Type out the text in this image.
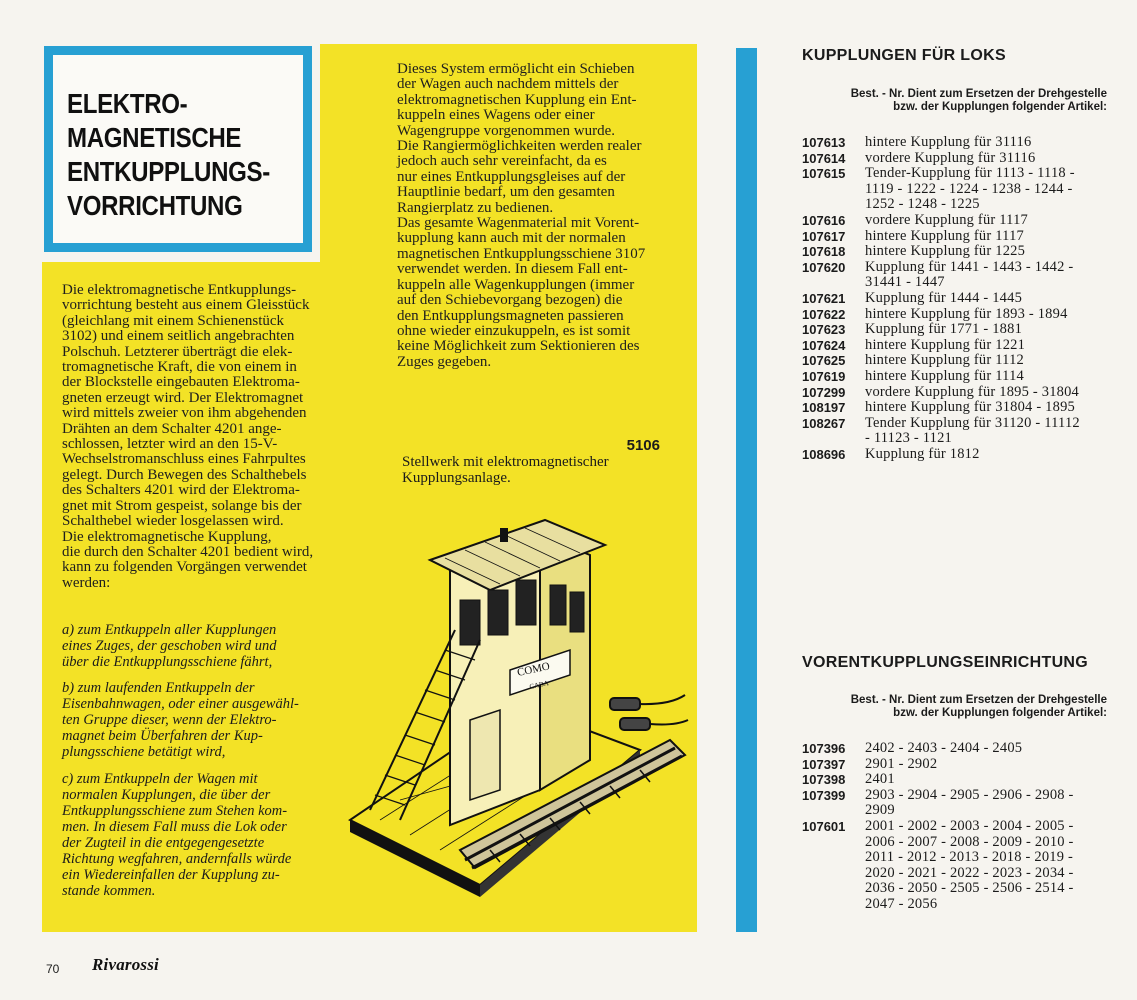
ELEKTRO-
MAGNETISCHE
ENTKUPPLUNGS-
VORRICHTUNG

Die elektromagnetische Entkupplungs-
vorrichtung besteht aus einem Gleisstück
(gleichlang mit einem Schienenstück
3102) und einem seitlich angebrachten
Polschuh. Letzterer überträgt die elek-
tromagnetische Kraft, die von einem in
der Blockstelle eingebauten Elektroma-
gneten erzeugt wird. Der Elektromagnet
wird mittels zweier von ihm abgehenden
Drähten an dem Schalter 4201 ange-
schlossen, letzter wird an den 15-V-
Wechselstromanschluss eines Fahrpultes
gelegt. Durch Bewegen des Schalthebels
des Schalters 4201 wird der Elektroma-
gnet mit Strom gespeist, solange bis der
Schalthebel wieder losgelassen wird.
Die elektromagnetische Kupplung,
die durch den Schalter 4201 bedient wird,
kann zu folgenden Vorgängen verwendet
werden:

a) zum Entkuppeln aller Kupplungen
eines Zuges, der geschoben wird und
über die Entkupplungsschiene fährt,

b) zum laufenden Entkuppeln der
Eisenbahnwagen, oder einer ausgewähl-
ten Gruppe dieser, wenn der Elektro-
magnet beim Überfahren der Kup-
plungsschiene betätigt wird,

c) zum Entkuppeln der Wagen mit
normalen Kupplungen, die über der
Entkupplungsschiene zum Stehen kom-
men. In diesem Fall muss die Lok oder
der Zugteil in die entgegengesetzte
Richtung wegfahren, andernfalls würde
ein Wiedereinfallen der Kupplung zu-
stande kommen.

Dieses System ermöglicht ein Schieben
der Wagen auch nachdem mittels der
elektromagnetischen Kupplung ein Ent-
kuppeln eines Wagens oder einer
Wagengruppe vorgenommen wurde.
Die Rangiermöglichkeiten werden realer
jedoch auch sehr vereinfacht, da es
nur eines Entkupplungsgleises auf der
Hauptlinie bedarf, um den gesamten
Rangierplatz zu bedienen.
Das gesamte Wagenmaterial mit Vorent-
kupplung kann auch mit der normalen
magnetischen Entkupplungsschiene 3107
verwendet werden. In diesem Fall ent-
kuppeln alle Wagenkupplungen (immer
auf den Schiebevorgang bezogen) die
den Entkupplungsmagneten passieren
ohne wieder einzukuppeln, es ist somit
keine Möglichkeit zum Sektionieren des
Zuges gegeben.

5106
Stellwerk mit elektromagnetischer
Kupplungsanlage.
COMO
CABA
KUPPLUNGEN FÜR LOKS

Best. - Nr. Dient zum Ersetzen der Drehgestelle
bzw. der Kupplungen folgender Artikel:

107613	hintere Kupplung für 31116
107614	vordere Kupplung für 31116
107615	Tender-Kupplung für 1113 - 1118 -
1119 - 1222 - 1224 - 1238 - 1244 -
1252 - 1248 - 1225
107616	vordere Kupplung für 1117
107617	hintere Kupplung für 1117
107618	hintere Kupplung für 1225
107620	Kupplung für 1441 - 1443 - 1442 -
31441 - 1447
107621	Kupplung für 1444 - 1445
107622	hintere Kupplung für 1893 - 1894
107623	Kupplung für 1771 - 1881
107624	hintere Kupplung für 1221
107625	hintere Kupplung für 1112
107619	hintere Kupplung für 1114
107299	vordere Kupplung für 1895 - 31804
108197	hintere Kupplung für 31804 - 1895
108267	Tender Kupplung für 31120 - 11112
- 11123 - 1121
108696	Kupplung für 1812
VORENTKUPPLUNGSEINRICHTUNG

Best. - Nr. Dient zum Ersetzen der Drehgestelle
bzw. der Kupplungen folgender Artikel:

107396	2402 - 2403 - 2404 - 2405
107397	2901 - 2902
107398	2401
107399	2903 - 2904 - 2905 - 2906 - 2908 -
2909
107601	2001 - 2002 - 2003 - 2004 - 2005 -
2006 - 2007 - 2008 - 2009 - 2010 -
2011 - 2012 - 2013 - 2018 - 2019 -
2020 - 2021 - 2022 - 2023 - 2034 -
2036 - 2050 - 2505 - 2506 - 2514 -
2047 - 2056
70 Rivarossi
